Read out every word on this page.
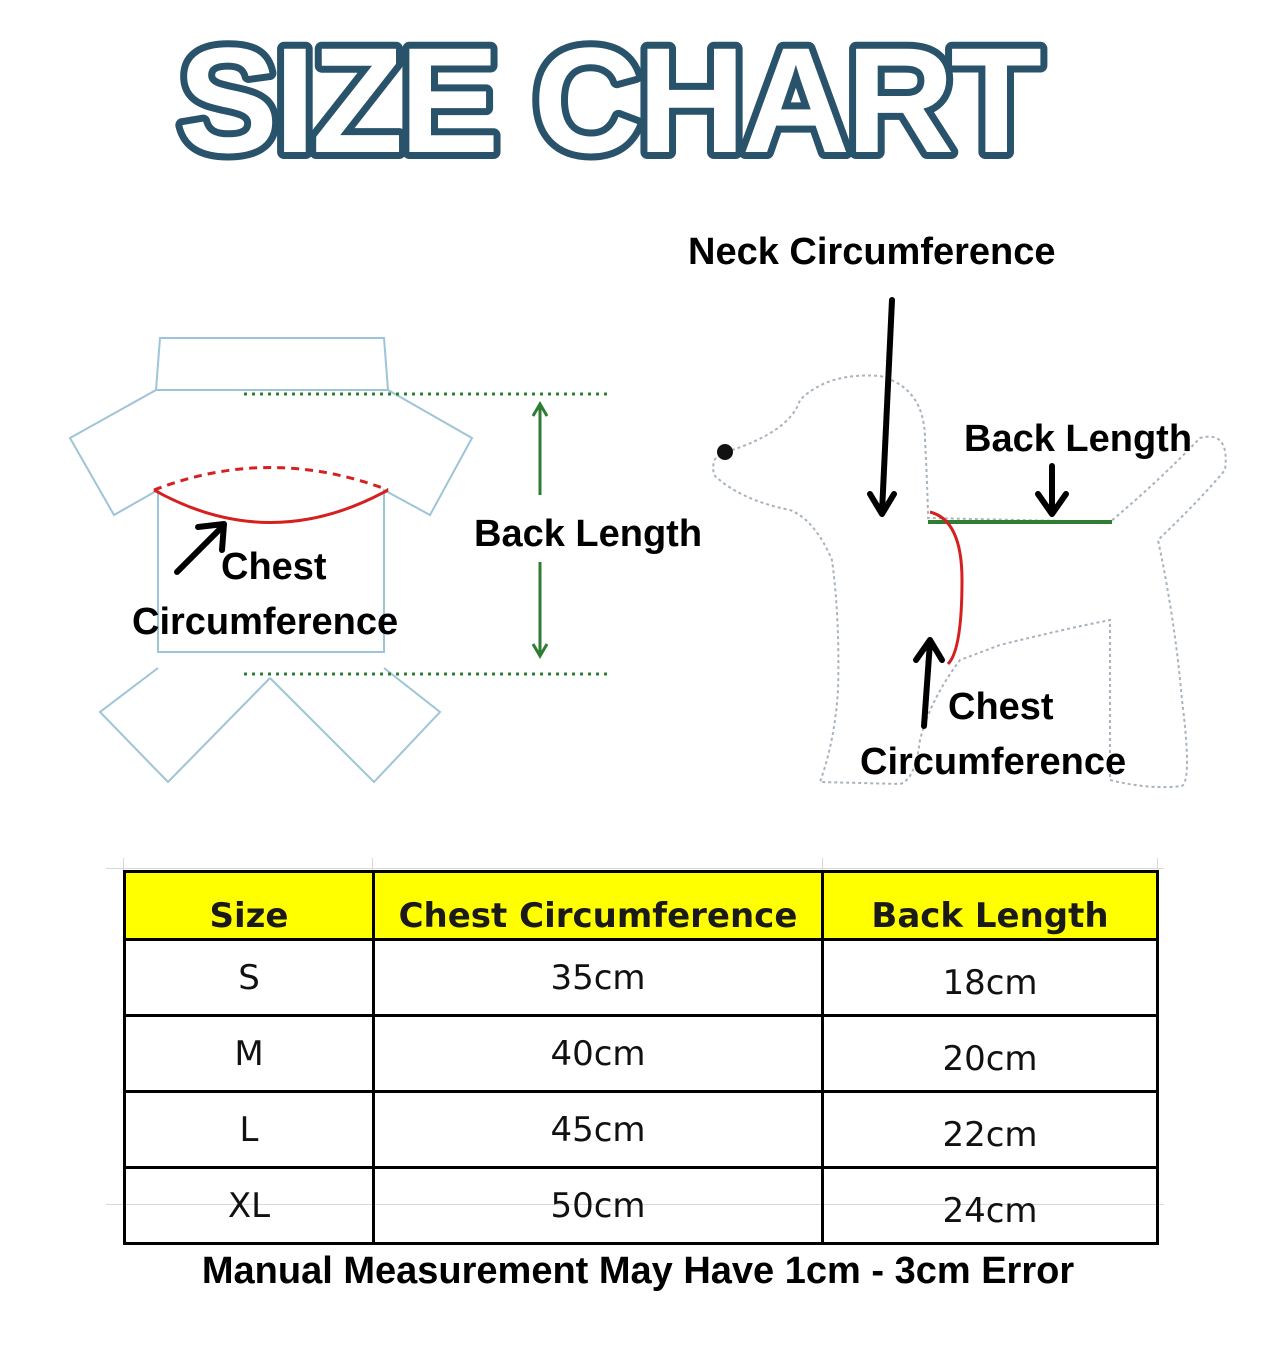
SIZE CHART
Chest
Circumference
Back Length
Neck Circumference
Back Length
Chest
Circumference
Size	Chest Circumference	Back Length
S	35cm	18cm
M	40cm	20cm
L	45cm	22cm
XL	50cm	24cm
Manual Measurement May Have 1cm - 3cm Error
